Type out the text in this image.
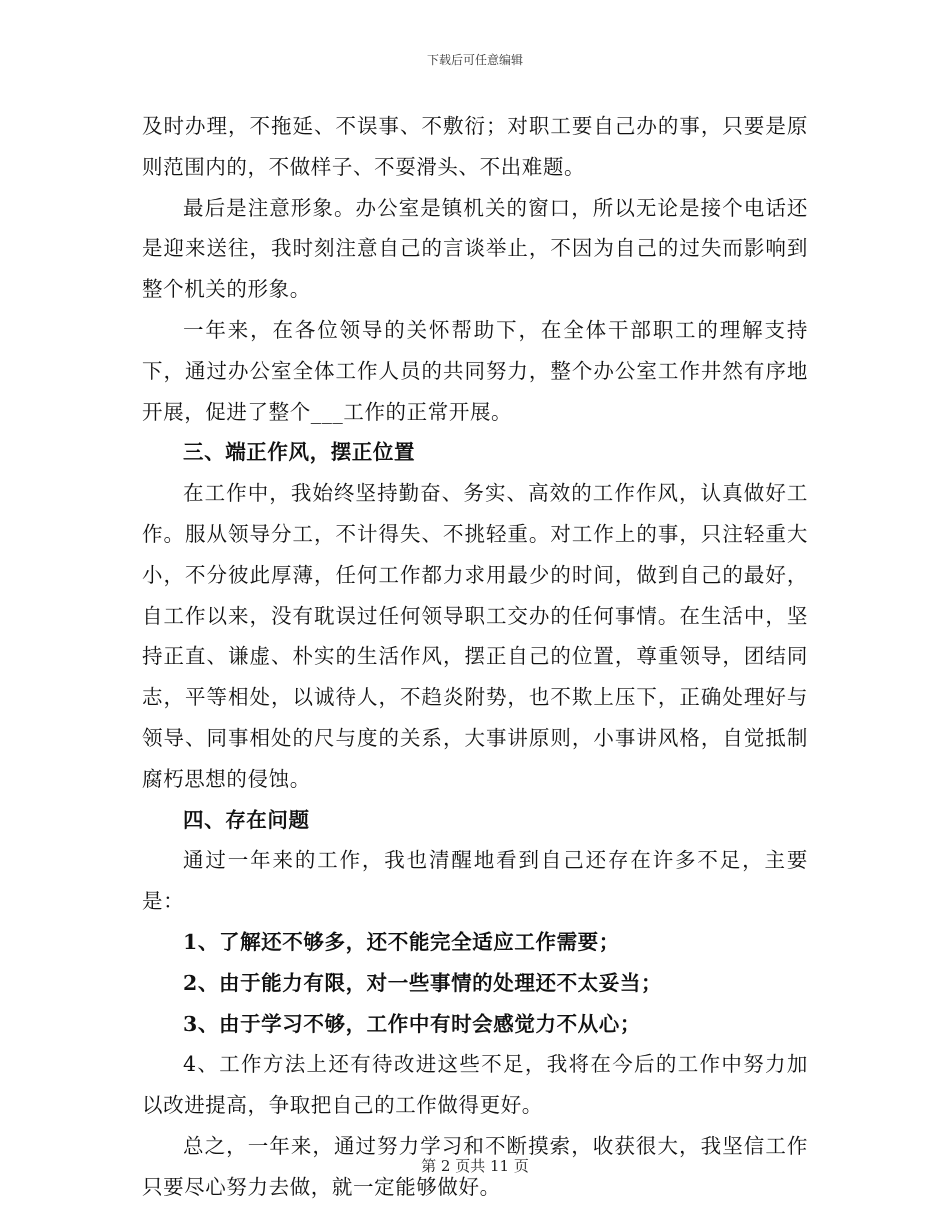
下载后可任意编辑

及时办理，不拖延、不误事、不敷衍；对职工要自己办的事，只要是原则范围内的，不做样子、不耍滑头、不出难题。

最后是注意形象。办公室是镇机关的窗口，所以无论是接个电话还是迎来送往，我时刻注意自己的言谈举止，不因为自己的过失而影响到整个机关的形象。

一年来，在各位领导的关怀帮助下，在全体干部职工的理解支持下，通过办公室全体工作人员的共同努力，整个办公室工作井然有序地开展，促进了整个___工作的正常开展。

三、端正作风，摆正位置

在工作中，我始终坚持勤奋、务实、高效的工作作风，认真做好工作。服从领导分工，不计得失、不挑轻重。对工作上的事，只注轻重大小，不分彼此厚薄，任何工作都力求用最少的时间，做到自己的最好，自工作以来，没有耽误过任何领导职工交办的任何事情。在生活中，坚持正直、谦虚、朴实的生活作风，摆正自己的位置，尊重领导，团结同志，平等相处，以诚待人，不趋炎附势，也不欺上压下，正确处理好与领导、同事相处的尺与度的关系，大事讲原则，小事讲风格，自觉抵制腐朽思想的侵蚀。

四、存在问题

通过一年来的工作，我也清醒地看到自己还存在许多不足，主要是：

1、了解还不够多，还不能完全适应工作需要；

2、由于能力有限，对一些事情的处理还不太妥当；

3、由于学习不够，工作中有时会感觉力不从心；

4、工作方法上还有待改进这些不足，我将在今后的工作中努力加以改进提高，争取把自己的工作做得更好。

总之，一年来，通过努力学习和不断摸索，收获很大，我坚信工作只要尽心努力去做，就一定能够做好。

第 2 页共 11 页
